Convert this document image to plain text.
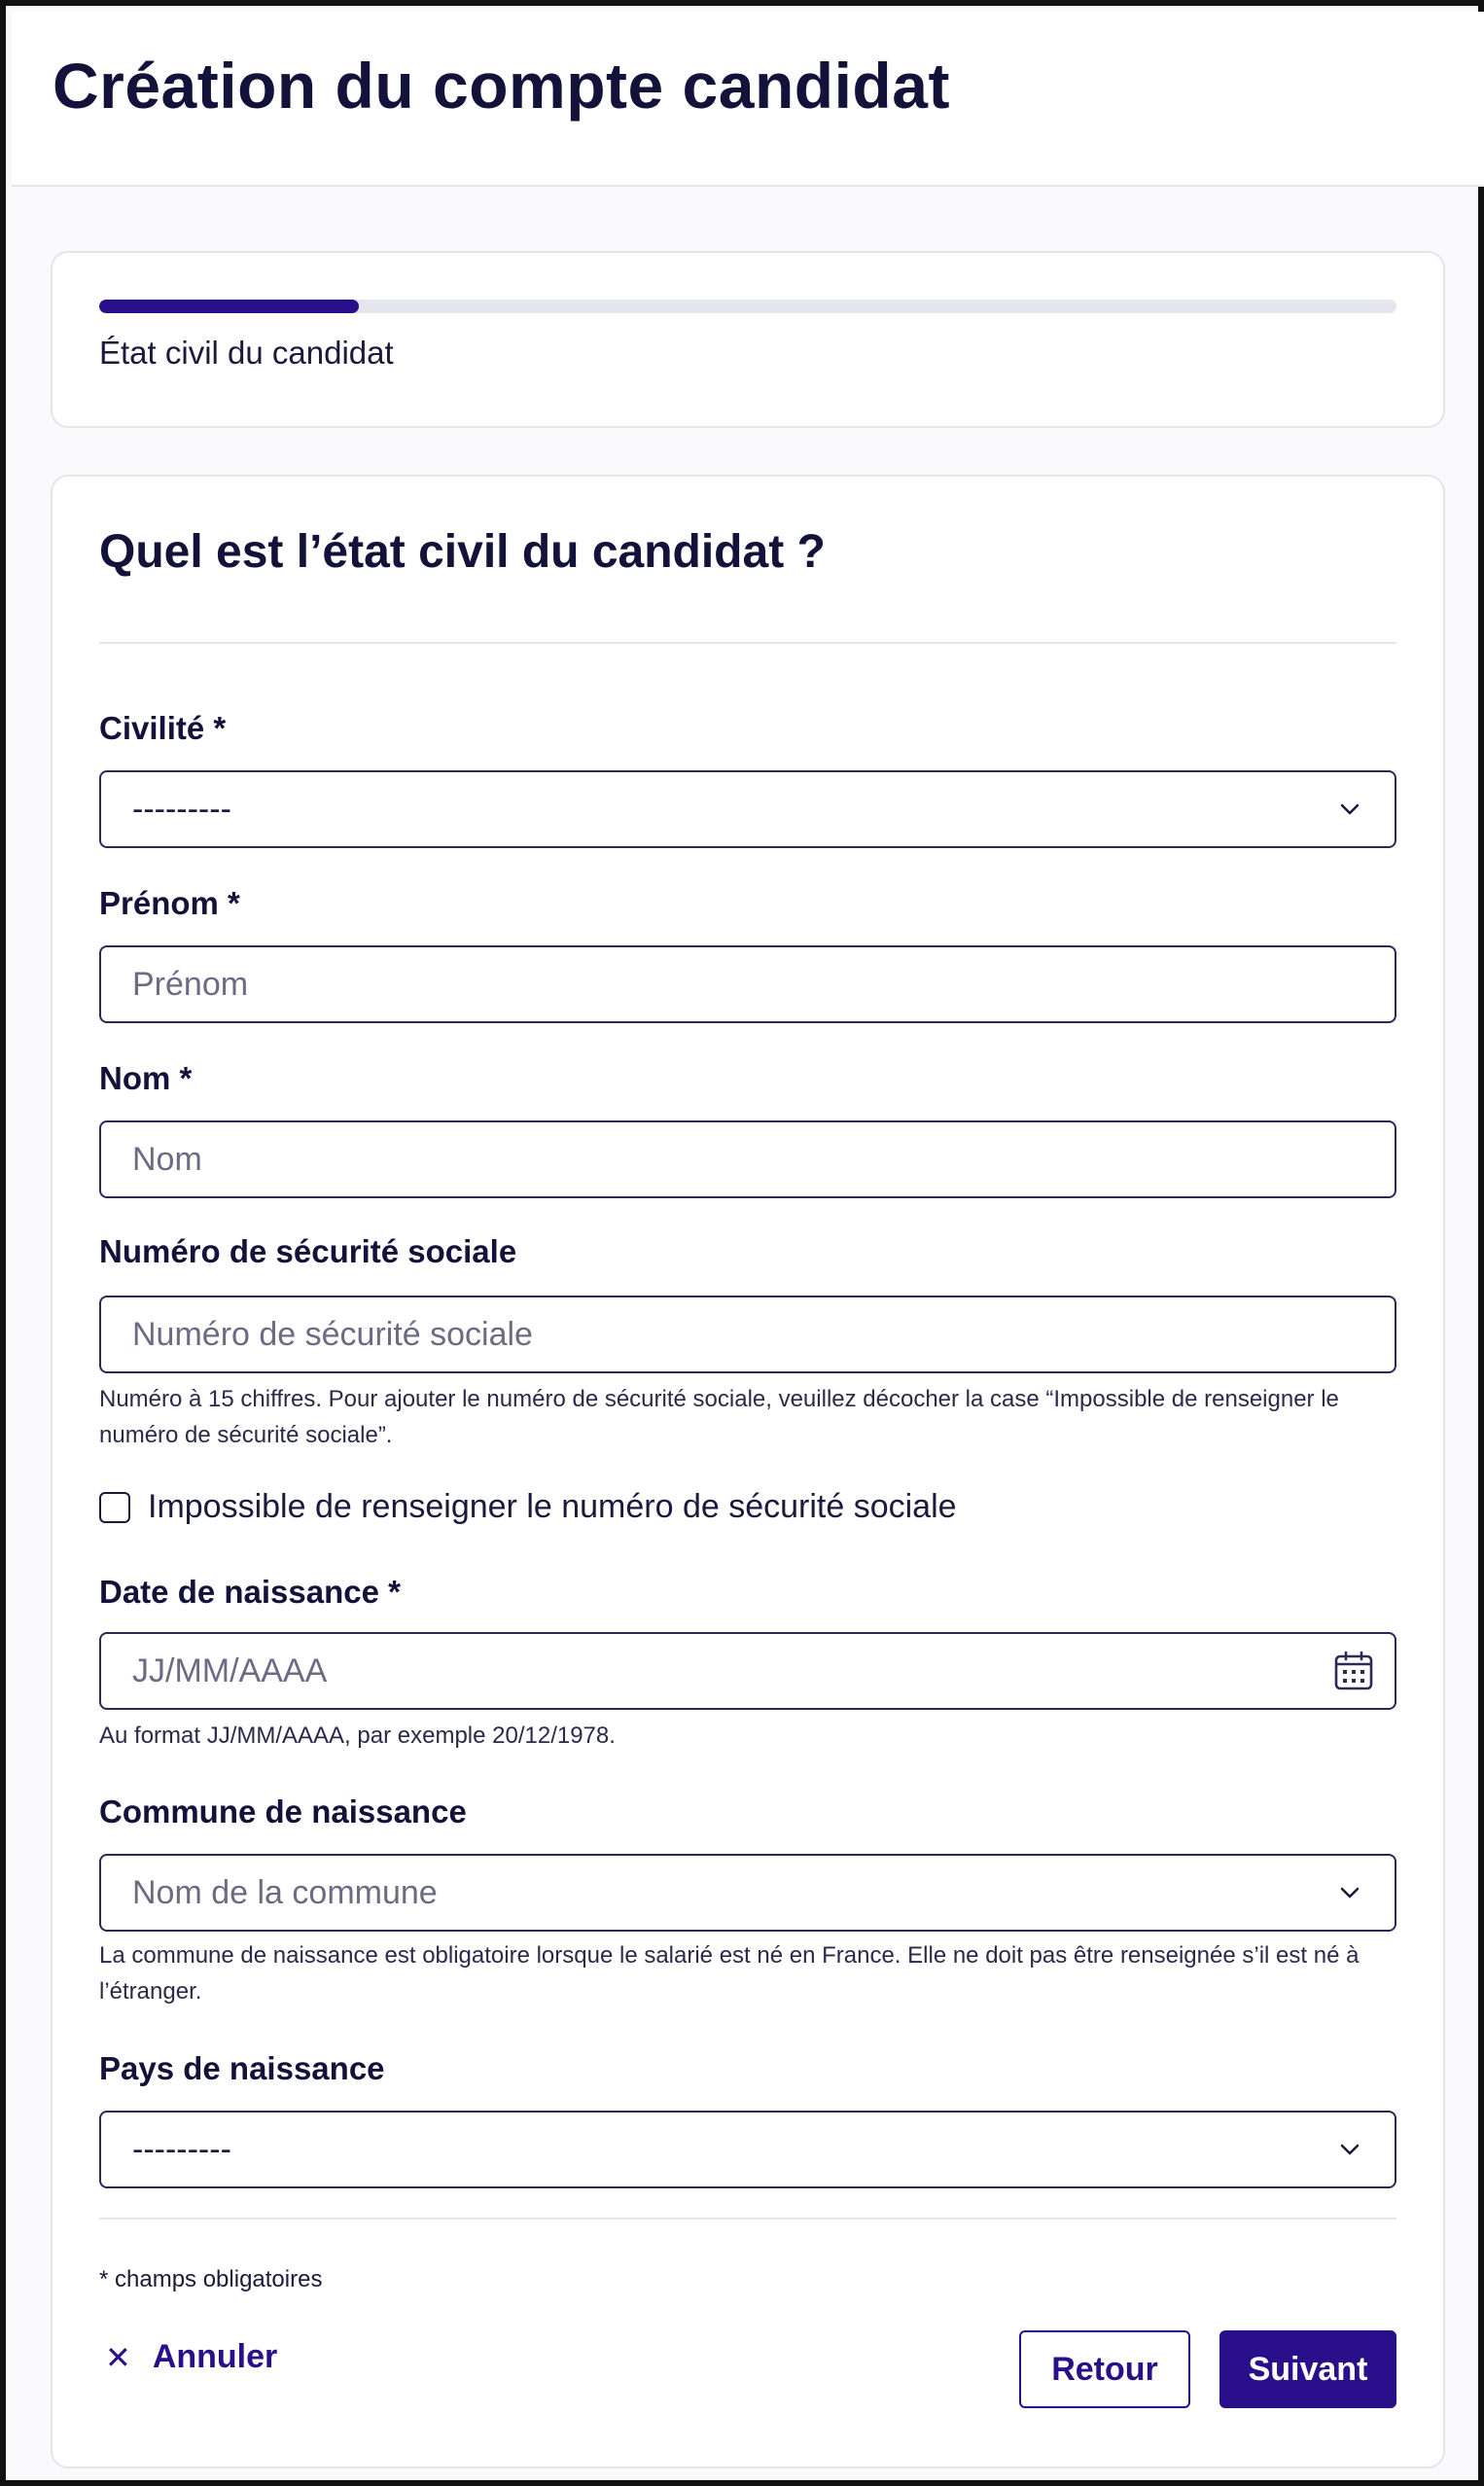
Création du compte candidat
État civil du candidat
Quel est l’état civil du candidat ?
Civilité *
---------
Prénom *
Prénom
Nom *
Nom
Numéro de sécurité sociale
Numéro de sécurité sociale
Numéro à 15 chiffres. Pour ajouter le numéro de sécurité sociale, veuillez décocher la case “Impossible de renseigner le numéro de sécurité sociale”.
Impossible de renseigner le numéro de sécurité sociale
Date de naissance *
JJ/MM/AAAA
Au format JJ/MM/AAAA, par exemple 20/12/1978.
Commune de naissance
Nom de la commune
La commune de naissance est obligatoire lorsque le salarié est né en France. Elle ne doit pas être renseignée s’il est né à l’étranger.
Pays de naissance
---------
* champs obligatoires
✕ Annuler	Retour	Suivant
